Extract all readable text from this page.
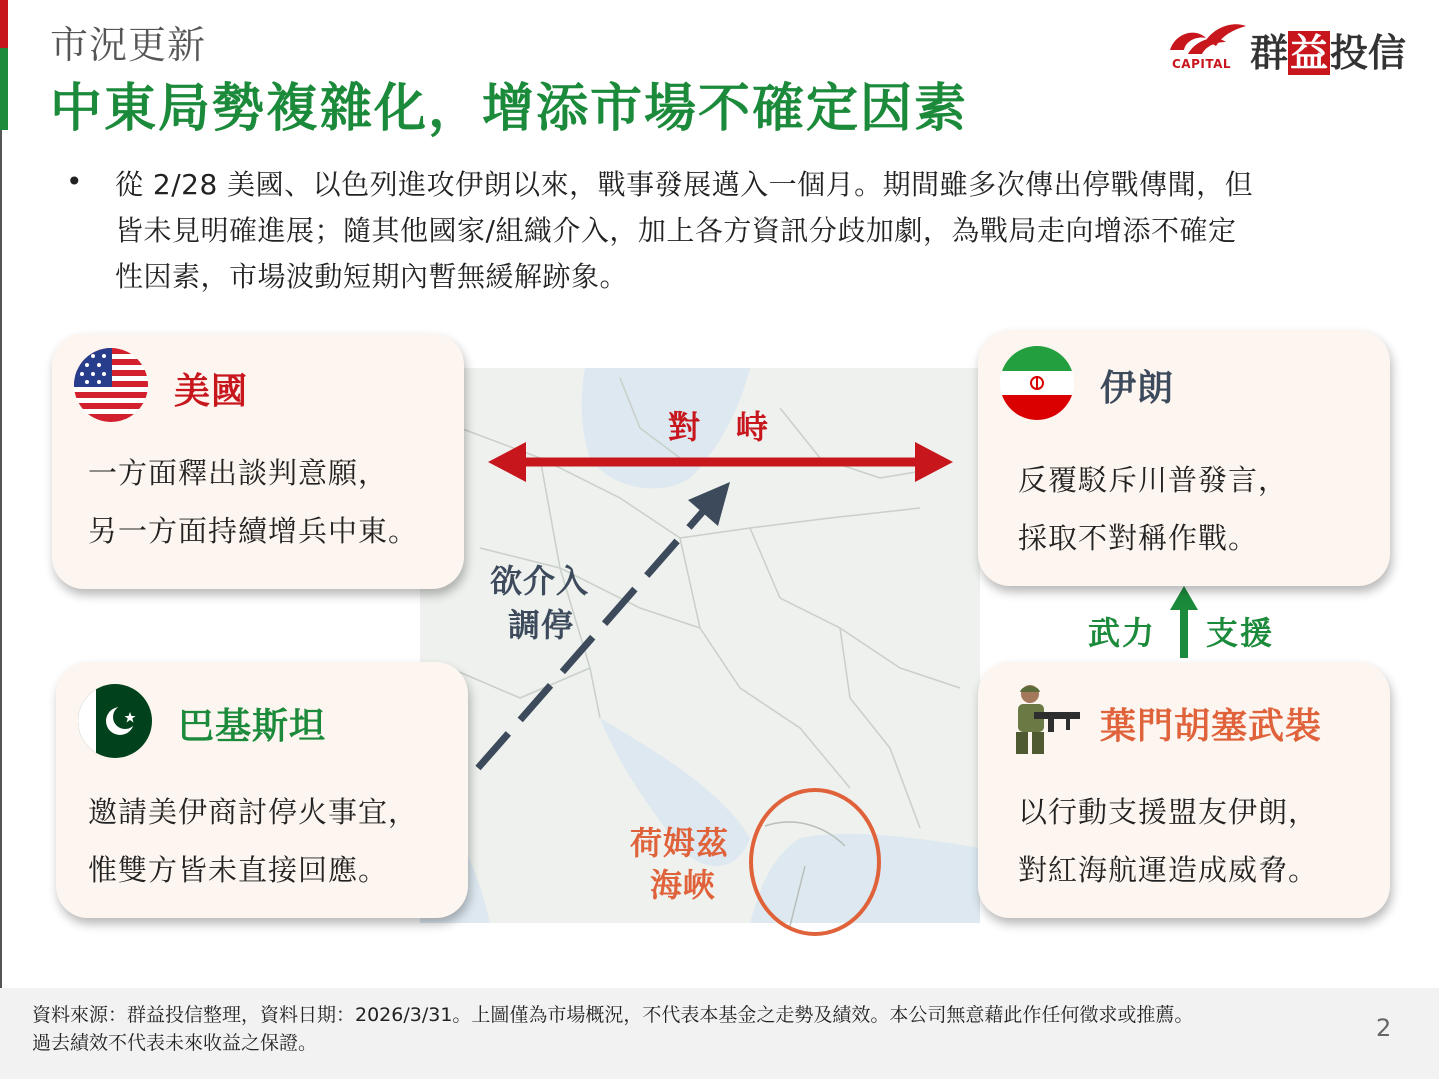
市況更新
中東局勢複雜化，增添市場不確定因素
CAPITAL 群益投信
• 從 2/28 美國、以色列進攻伊朗以來，戰事發展邁入一個月。期間雖多次傳出停戰傳聞，但
皆未見明確進展；隨其他國家/組織介入，加上各方資訊分歧加劇，為戰局走向增添不確定
性因素，市場波動短期內暫無緩解跡象。
對　峙
欲介入
調停
荷姆茲
海峽
武力 支援
美國
一方面釋出談判意願，
另一方面持續增兵中東。
伊朗
反覆駁斥川普發言，
採取不對稱作戰。
巴基斯坦
邀請美伊商討停火事宜，
惟雙方皆未直接回應。
葉門胡塞武裝
以行動支援盟友伊朗，
對紅海航運造成威脅。
資料來源：群益投信整理，資料日期：2026/3/31。上圖僅為市場概況，不代表本基金之走勢及績效。本公司無意藉此作任何徵求或推薦。
過去績效不代表未來收益之保證。
2
